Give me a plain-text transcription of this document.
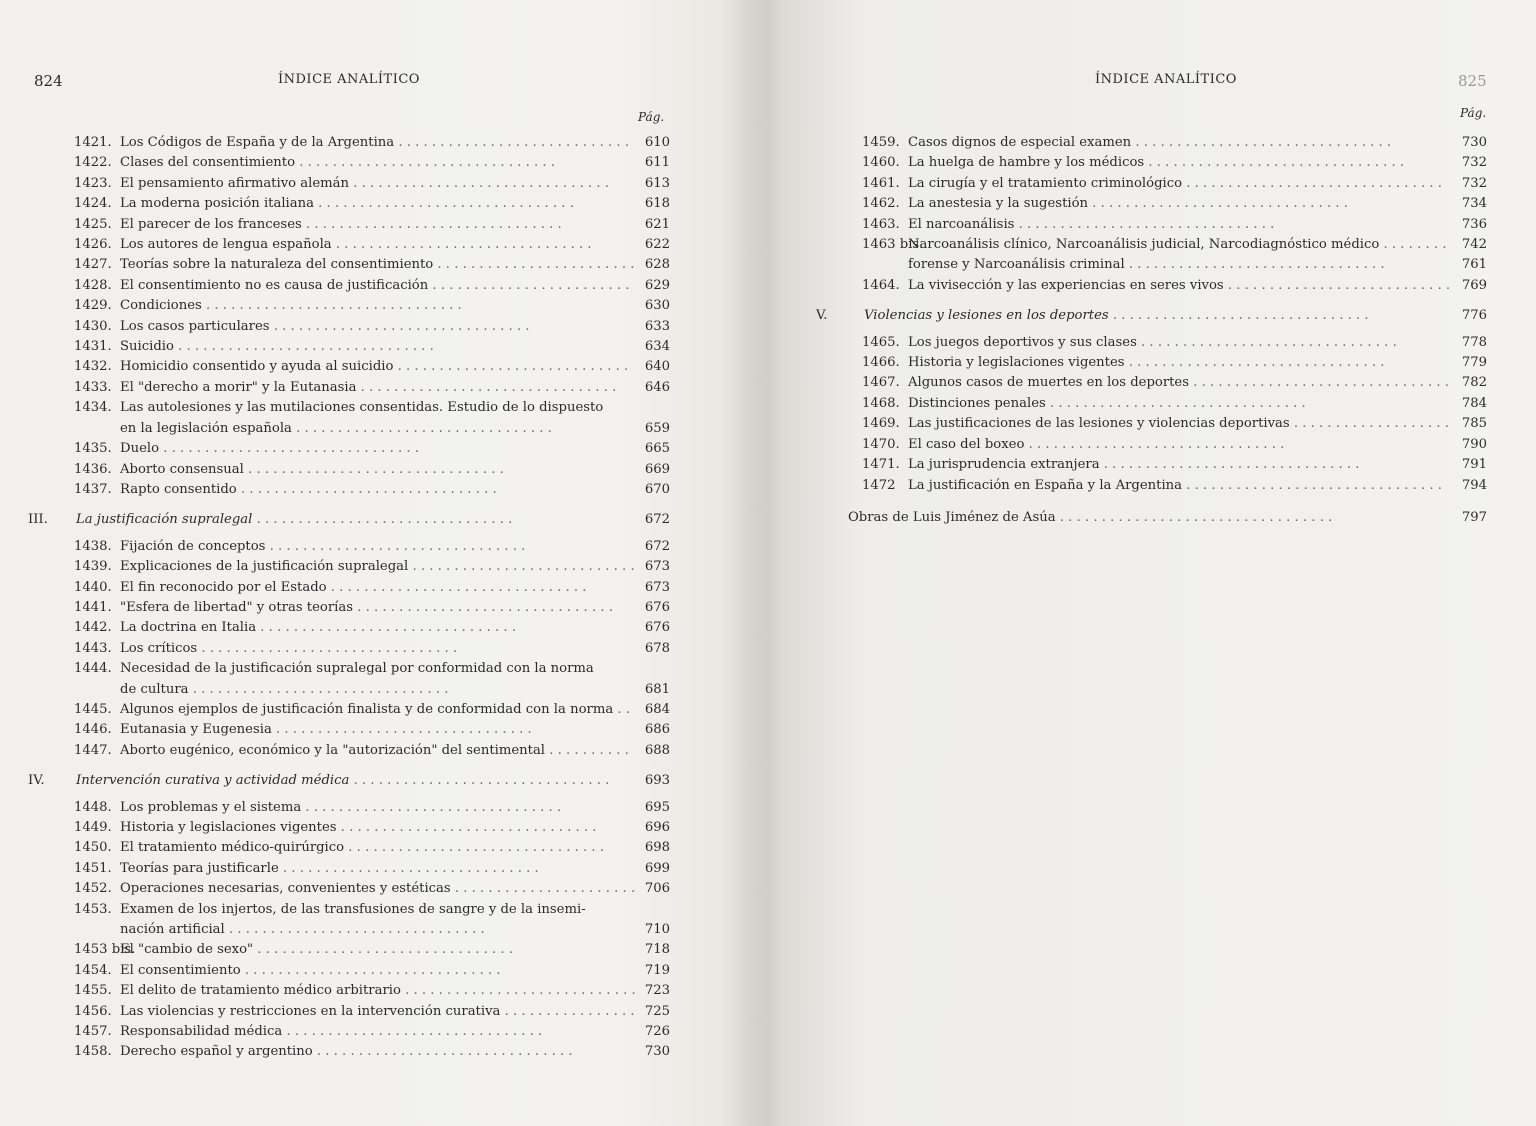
824	ÍNDICE ANALÍTICO
Pág.
1421. Los Códigos de España y de la Argentina . . . . . . . . . . . . . . . . . . . . . . . . . . . . 610
1422. Clases del consentimiento . . . . . . . . . . . . . . . . . . . . . . . . . . . . . . .	611
1423. El pensamiento afirmativo alemán . . . . . . . . . . . . . . . . . . . . . . . . . . . . . . .	613
1424. La moderna posición italiana . . . . . . . . . . . . . . . . . . . . . . . . . . . . . . .	618
1425. El parecer de los franceses . . . . . . . . . . . . . . . . . . . . . . . . . . . . . . .	621
1426. Los autores de lengua española . . . . . . . . . . . . . . . . . . . . . . . . . . . . . . .	622
1427. Teorías sobre la naturaleza del consentimiento . . . . . . . . . . . . . . . . . . . . . . . . 628
1428. El consentimiento no es causa de justificación . . . . . . . . . . . . . . . . . . . . . . . . 629
1429. Condiciones . . . . . . . . . . . . . . . . . . . . . . . . . . . . . . .	630
1430. Los casos particulares . . . . . . . . . . . . . . . . . . . . . . . . . . . . . . .	633
1431. Suicidio . . . . . . . . . . . . . . . . . . . . . . . . . . . . . . .	634
1432. Homicidio consentido y ayuda al suicidio . . . . . . . . . . . . . . . . . . . . . . . . . . . . 640
1433. El "derecho a morir" y la Eutanasia . . . . . . . . . . . . . . . . . . . . . . . . . . . . . . . 646
1434. Las autolesiones y las mutilaciones consentidas. Estudio de lo dispuesto
en la legislación española . . . . . . . . . . . . . . . . . . . . . . . . . . . . . . .	659
1435. Duelo . . . . . . . . . . . . . . . . . . . . . . . . . . . . . . .	665
1436. Aborto consensual . . . . . . . . . . . . . . . . . . . . . . . . . . . . . . .	669
1437. Rapto consentido . . . . . . . . . . . . . . . . . . . . . . . . . . . . . . .	670
III. La justificación supralegal . . . . . . . . . . . . . . . . . . . . . . . . . . . . . . .	672
1438. Fijación de conceptos . . . . . . . . . . . . . . . . . . . . . . . . . . . . . . .	672
1439. Explicaciones de la justificación supralegal . . . . . . . . . . . . . . . . . . . . . . . . . . . 673
1440. El fin reconocido por el Estado . . . . . . . . . . . . . . . . . . . . . . . . . . . . . . .	673
1441. "Esfera de libertad" y otras teorías . . . . . . . . . . . . . . . . . . . . . . . . . . . . . . . 676
1442. La doctrina en Italia . . . . . . . . . . . . . . . . . . . . . . . . . . . . . . .	676
1443. Los críticos . . . . . . . . . . . . . . . . . . . . . . . . . . . . . . .	678
1444. Necesidad de la justificación supralegal por conformidad con la norma
de cultura . . . . . . . . . . . . . . . . . . . . . . . . . . . . . . .	681
1445. Algunos ejemplos de justificación finalista y de conformidad con la norma . . 684
1446. Eutanasia y Eugenesia . . . . . . . . . . . . . . . . . . . . . . . . . . . . . . .	686
1447. Aborto eugénico, económico y la "autorización" del sentimental . . . . . . . . . . 688
IV. Intervención curativa y actividad médica . . . . . . . . . . . . . . . . . . . . . . . . . . . . . . .	693
1448. Los problemas y el sistema . . . . . . . . . . . . . . . . . . . . . . . . . . . . . . .	695
1449. Historia y legislaciones vigentes . . . . . . . . . . . . . . . . . . . . . . . . . . . . . . .	696
1450. El tratamiento médico-quirúrgico . . . . . . . . . . . . . . . . . . . . . . . . . . . . . . .	698
1451. Teorías para justificarle . . . . . . . . . . . . . . . . . . . . . . . . . . . . . . .	699
1452. Operaciones necesarias, convenientes y estéticas . . . . . . . . . . . . . . . . . . . . . . 706
1453. Examen de los injertos, de las transfusiones de sangre y de la insemi-
nación artificial . . . . . . . . . . . . . . . . . . . . . . . . . . . . . . .	710
1453 bis.El "cambio de sexo" . . . . . . . . . . . . . . . . . . . . . . . . . . . . . . .	718
1454. El consentimiento . . . . . . . . . . . . . . . . . . . . . . . . . . . . . . .	719
1455. El delito de tratamiento médico arbitrario . . . . . . . . . . . . . . . . . . . . . . . . . . . . 723
1456. Las violencias y restricciones en la intervención curativa . . . . . . . . . . . . . . . . 725
1457. Responsabilidad médica . . . . . . . . . . . . . . . . . . . . . . . . . . . . . . .	726
1458. Derecho español y argentino . . . . . . . . . . . . . . . . . . . . . . . . . . . . . . .	730
ÍNDICE ANALÍTICO	825
Pág.
1459. Casos dignos de especial examen . . . . . . . . . . . . . . . . . . . . . . . . . . . . . . .	730
1460. La huelga de hambre y los médicos . . . . . . . . . . . . . . . . . . . . . . . . . . . . . . .	732
1461. La cirugía y el tratamiento criminológico . . . . . . . . . . . . . . . . . . . . . . . . . . . . . . . 732
1462. La anestesia y la sugestión . . . . . . . . . . . . . . . . . . . . . . . . . . . . . . .	734
1463. El narcoanálisis . . . . . . . . . . . . . . . . . . . . . . . . . . . . . . .	736
1463 bis.Narcoanálisis clínico, Narcoanálisis judicial, Narcodiagnóstico médico . . . . . . . . 742
forense y Narcoanálisis criminal . . . . . . . . . . . . . . . . . . . . . . . . . . . . . . .	761
1464. La vivisección y las experiencias en seres vivos . . . . . . . . . . . . . . . . . . . . . . . . . . . 769
V.	Violencias y lesiones en los deportes . . . . . . . . . . . . . . . . . . . . . . . . . . . . . . .	776
1465. Los juegos deportivos y sus clases . . . . . . . . . . . . . . . . . . . . . . . . . . . . . . .	778
1466. Historia y legislaciones vigentes . . . . . . . . . . . . . . . . . . . . . . . . . . . . . . .	779
1467. Algunos casos de muertes en los deportes . . . . . . . . . . . . . . . . . . . . . . . . . . . . . . . 782
1468. Distinciones penales . . . . . . . . . . . . . . . . . . . . . . . . . . . . . . .	784
1469. Las justificaciones de las lesiones y violencias deportivas . . . . . . . . . . . . . . . . . . . 785
1470. El caso del boxeo . . . . . . . . . . . . . . . . . . . . . . . . . . . . . . .	790
1471. La jurisprudencia extranjera . . . . . . . . . . . . . . . . . . . . . . . . . . . . . . .	791
1472 La justificación en España y la Argentina . . . . . . . . . . . . . . . . . . . . . . . . . . . . . . . 794
Obras de Luis Jiménez de Asúa . . . . . . . . . . . . . . . . . . . . . . . . . . . . . . . . .	797
